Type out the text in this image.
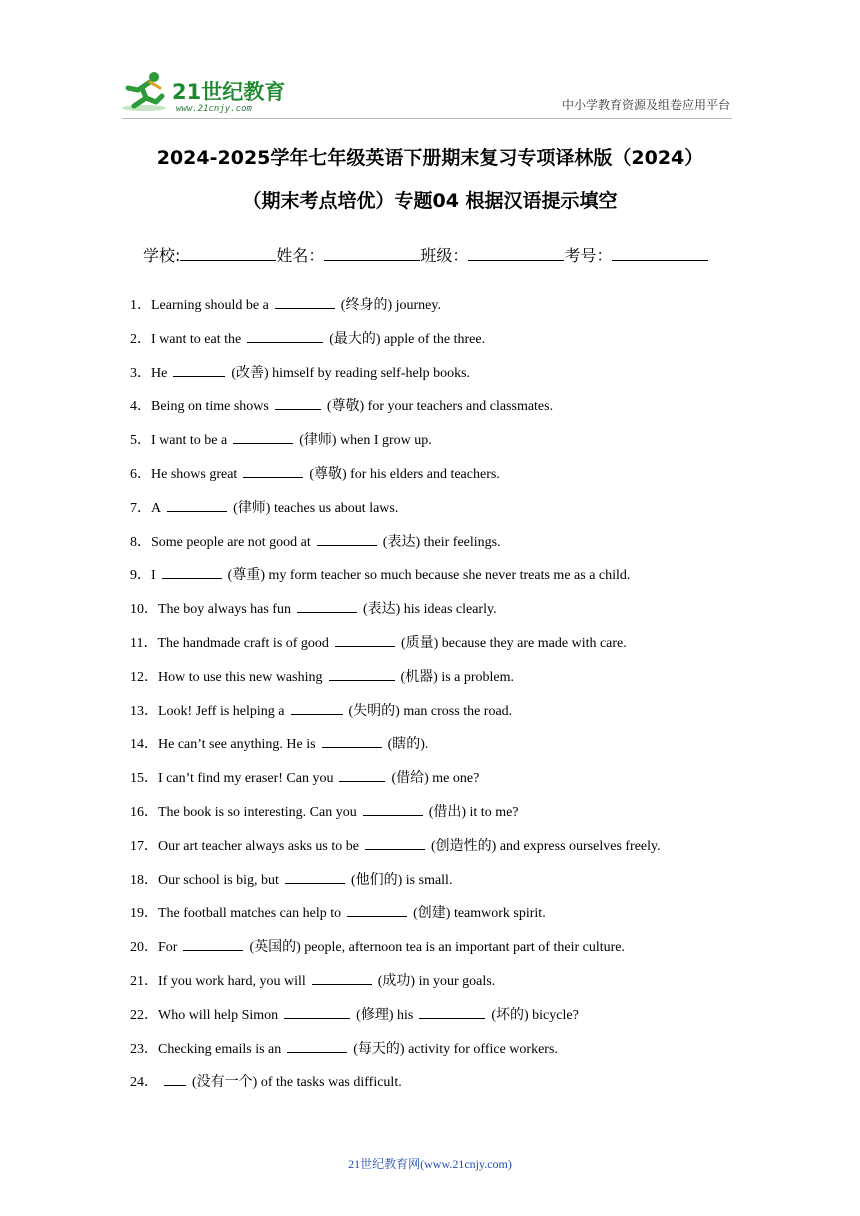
21世纪教育
www.21cnjy.com	中小学教育资源及组卷应用平台
2024-2025学年七年级英语下册期末复习专项译林版（2024）
（期末考点培优）专题04 根据汉语提示填空
学校:	姓名：	班级：	考号：
1．Learning should be a	(终身的) journey.
2．I want to eat the	(最大的) apple of the three.
3．He	(改善) himself by reading self-help books.
4．Being on time shows	(尊敬) for your teachers and classmates.
5．I want to be a	(律师) when I grow up.
6．He shows great	(尊敬) for his elders and teachers.
7．A	(律师) teaches us about laws.
8．Some people are not good at	(表达) their feelings.
9．I	(尊重) my form teacher so much because she never treats me as a child.
10．The boy always has fun	(表达) his ideas clearly.
11．The handmade craft is of good	(质量) because they are made with care.
12．How to use this new washing	(机器) is a problem.
13．Look! Jeff is helping a	(失明的) man cross the road.
14．He can’t see anything. He is	(瞎的).
15．I can’t find my eraser! Can you	(借给) me one?
16．The book is so interesting. Can you	(借出) it to me?
17．Our art teacher always asks us to be	(创造性的) and express ourselves freely.
18．Our school is big, but	(他们的) is small.
19．The football matches can help to	(创建) teamwork spirit.
20．For	(英国的) people, afternoon tea is an important part of their culture.
21．If you work hard, you will	(成功) in your goals.
22．Who will help Simon	(修理) his	(坏的) bicycle?
23．Checking emails is an	(每天的) activity for office workers.
24． (没有一个) of the tasks was difficult.
21世纪教育网(www.21cnjy.com)
